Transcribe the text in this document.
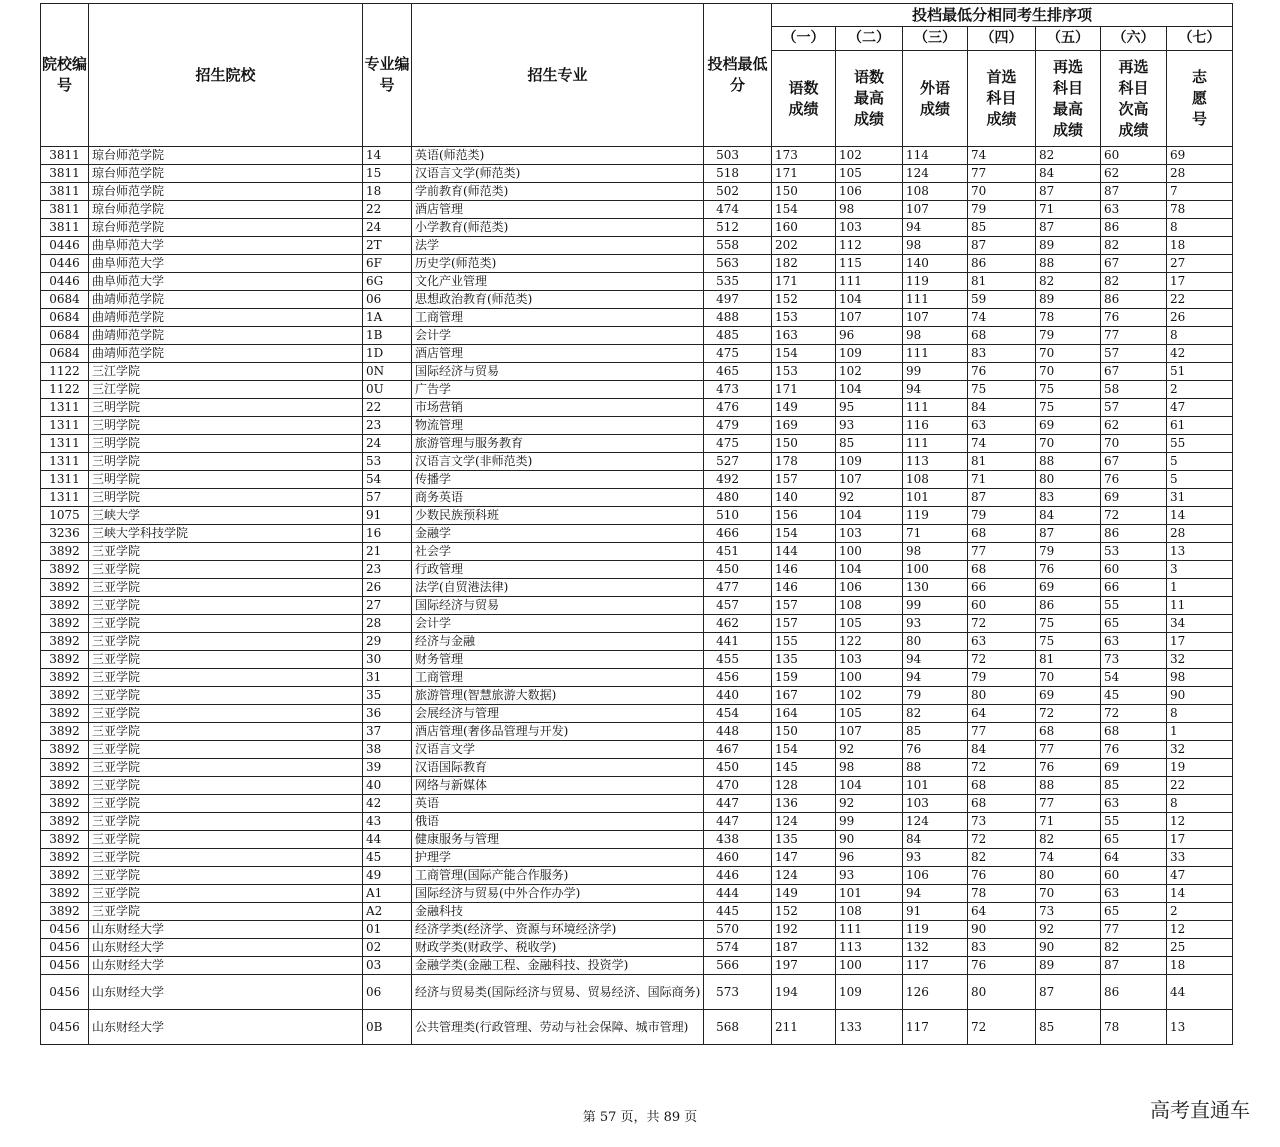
院校编号	招生院校	专业编号	招生专业	投档最低分	投档最低分相同考生排序项						
					（一）	（二）	（三）	（四）	（五）	（六）	（七）
					语数成绩	语数最高成绩	外语成绩	首选科目成绩	再选科目最高成绩	再选科目次高成绩	志愿号
3811	琼台师范学院	14	英语(师范类)	503	173	102	114	74	82	60	69
3811	琼台师范学院	15	汉语言文学(师范类)	518	171	105	124	77	84	62	28
3811	琼台师范学院	18	学前教育(师范类)	502	150	106	108	70	87	87	7
3811	琼台师范学院	22	酒店管理	474	154	98	107	79	71	63	78
3811	琼台师范学院	24	小学教育(师范类)	512	160	103	94	85	87	86	8
0446	曲阜师范大学	2T	法学	558	202	112	98	87	89	82	18
0446	曲阜师范大学	6F	历史学(师范类)	563	182	115	140	86	88	67	27
0446	曲阜师范大学	6G	文化产业管理	535	171	111	119	81	82	82	17
0684	曲靖师范学院	06	思想政治教育(师范类)	497	152	104	111	59	89	86	22
0684	曲靖师范学院	1A	工商管理	488	153	107	107	74	78	76	26
0684	曲靖师范学院	1B	会计学	485	163	96	98	68	79	77	8
0684	曲靖师范学院	1D	酒店管理	475	154	109	111	83	70	57	42
1122	三江学院	0N	国际经济与贸易	465	153	102	99	76	70	67	51
1122	三江学院	0U	广告学	473	171	104	94	75	75	58	2
1311	三明学院	22	市场营销	476	149	95	111	84	75	57	47
1311	三明学院	23	物流管理	479	169	93	116	63	69	62	61
1311	三明学院	24	旅游管理与服务教育	475	150	85	111	74	70	70	55
1311	三明学院	53	汉语言文学(非师范类)	527	178	109	113	81	88	67	5
1311	三明学院	54	传播学	492	157	107	108	71	80	76	5
1311	三明学院	57	商务英语	480	140	92	101	87	83	69	31
1075	三峡大学	91	少数民族预科班	510	156	104	119	79	84	72	14
3236	三峡大学科技学院	16	金融学	466	154	103	71	68	87	86	28
3892	三亚学院	21	社会学	451	144	100	98	77	79	53	13
3892	三亚学院	23	行政管理	450	146	104	100	68	76	60	3
3892	三亚学院	26	法学(自贸港法律)	477	146	106	130	66	69	66	1
3892	三亚学院	27	国际经济与贸易	457	157	108	99	60	86	55	11
3892	三亚学院	28	会计学	462	157	105	93	72	75	65	34
3892	三亚学院	29	经济与金融	441	155	122	80	63	75	63	17
3892	三亚学院	30	财务管理	455	135	103	94	72	81	73	32
3892	三亚学院	31	工商管理	456	159	100	94	79	70	54	98
3892	三亚学院	35	旅游管理(智慧旅游大数据)	440	167	102	79	80	69	45	90
3892	三亚学院	36	会展经济与管理	454	164	105	82	64	72	72	8
3892	三亚学院	37	酒店管理(奢侈品管理与开发)	448	150	107	85	77	68	68	1
3892	三亚学院	38	汉语言文学	467	154	92	76	84	77	76	32
3892	三亚学院	39	汉语国际教育	450	145	98	88	72	76	69	19
3892	三亚学院	40	网络与新媒体	470	128	104	101	68	88	85	22
3892	三亚学院	42	英语	447	136	92	103	68	77	63	8
3892	三亚学院	43	俄语	447	124	99	124	73	71	55	12
3892	三亚学院	44	健康服务与管理	438	135	90	84	72	82	65	17
3892	三亚学院	45	护理学	460	147	96	93	82	74	64	33
3892	三亚学院	49	工商管理(国际产能合作服务)	446	124	93	106	76	80	60	47
3892	三亚学院	A1	国际经济与贸易(中外合作办学)	444	149	101	94	78	70	63	14
3892	三亚学院	A2	金融科技	445	152	108	91	64	73	65	2
0456	山东财经大学	01	经济学类(经济学、资源与环境经济学)	570	192	111	119	90	92	77	12
0456	山东财经大学	02	财政学类(财政学、税收学)	574	187	113	132	83	90	82	25
0456	山东财经大学	03	金融学类(金融工程、金融科技、投资学)	566	197	100	117	76	89	87	18
0456	山东财经大学	06	经济与贸易类(国际经济与贸易、贸易经济、国际商务)	573	194	109	126	80	87	86	44
0456	山东财经大学	0B	公共管理类(行政管理、劳动与社会保障、城市管理)	568	211	133	117	72	85	78	13
第 57 页，共 89 页	高考直通车
